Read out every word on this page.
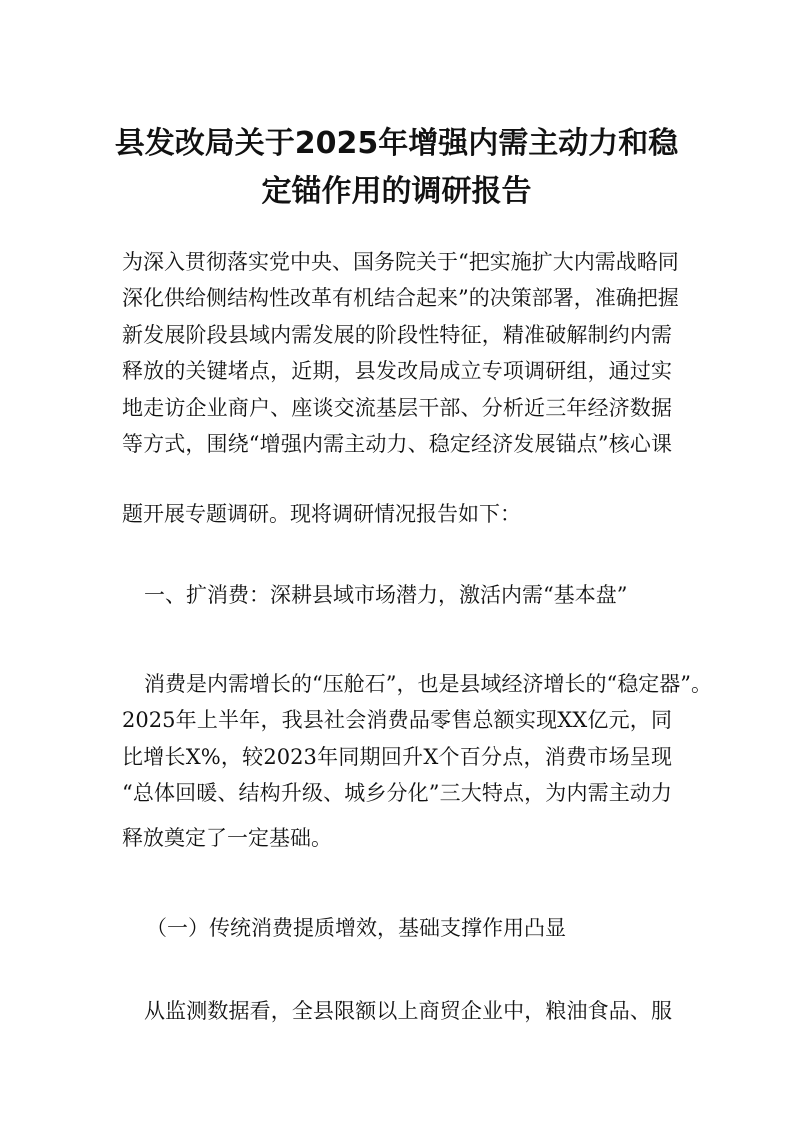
县发改局关于2025年增强内需主动力和稳
定锚作用的调研报告

为深入贯彻落实党中央、国务院关于“把实施扩大内需战略同

深化供给侧结构性改革有机结合起来”的决策部署，准确把握

新发展阶段县域内需发展的阶段性特征，精准破解制约内需

释放的关键堵点，近期，县发改局成立专项调研组，通过实

地走访企业商户、座谈交流基层干部、分析近三年经济数据

等方式，围绕“增强内需主动力、稳定经济发展锚点”核心课

题开展专题调研。现将调研情况报告如下：

一、扩消费：深耕县域市场潜力，激活内需“基本盘”

消费是内需增长的“压舱石”，也是县域经济增长的“稳定器”。

2025年上半年，我县社会消费品零售总额实现XX亿元，同

比增长X%，较2023年同期回升X个百分点，消费市场呈现

“总体回暖、结构升级、城乡分化”三大特点，为内需主动力

释放奠定了一定基础。

（一）传统消费提质增效，基础支撑作用凸显

从监测数据看，全县限额以上商贸企业中，粮油食品、服
